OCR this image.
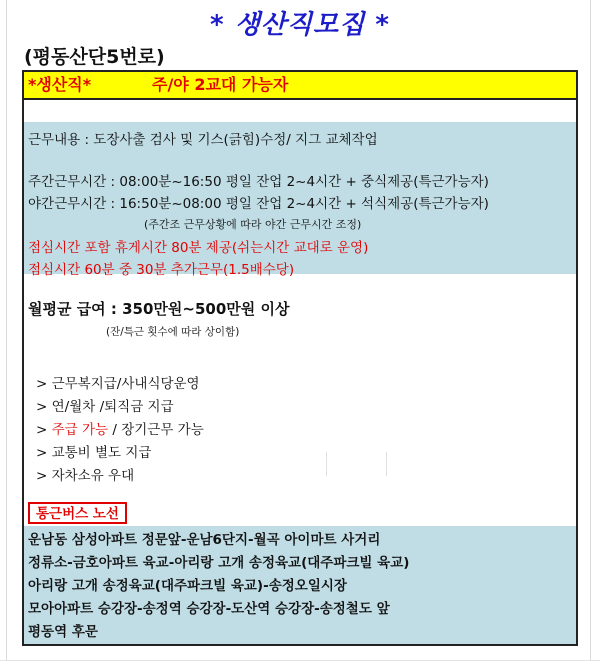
* 생산직모집 *
(평동산단5번로)
*생산직*	주/야 2교대 가능자
근무내용 : 도장사출 검사 및 기스(긁힘)수정/ 지그 교체작업
주간근무시간 : 08:00분~16:50 평일 잔업 2~4시간 + 중식제공(특근가능자)
야간근무시간 : 16:50분~08:00 평일 잔업 2~4시간 + 석식제공(특근가능자)
(주간조 근무상황에 따라 야간 근무시간 조정)
점심시간 포함 휴게시간 80분 제공(쉬는시간 교대로 운영)
점심시간 60분 중 30분 추가근무(1.5배수당)
월평균 급여 : 350만원~500만원 이상
(잔/특근 횟수에 따라 상이함)
> 근무복지급/사내식당운영
> 연/월차 /퇴직금 지급
> 주급 가능 / 장기근무 가능
> 교통비 별도 지급
> 자차소유 우대
통근버스 노선
운남동 삼성아파트 정문앞-운남6단지-월곡 아이마트 사거리
정류소-금호아파트 육교-아리랑 고개 송정육교(대주파크빌 육교)
아리랑 고개 송정육교(대주파크빌 육교)-송정오일시장
모아아파트 승강장-송정역 승강장-도산역 승강장-송정철도 앞
평동역 후문
